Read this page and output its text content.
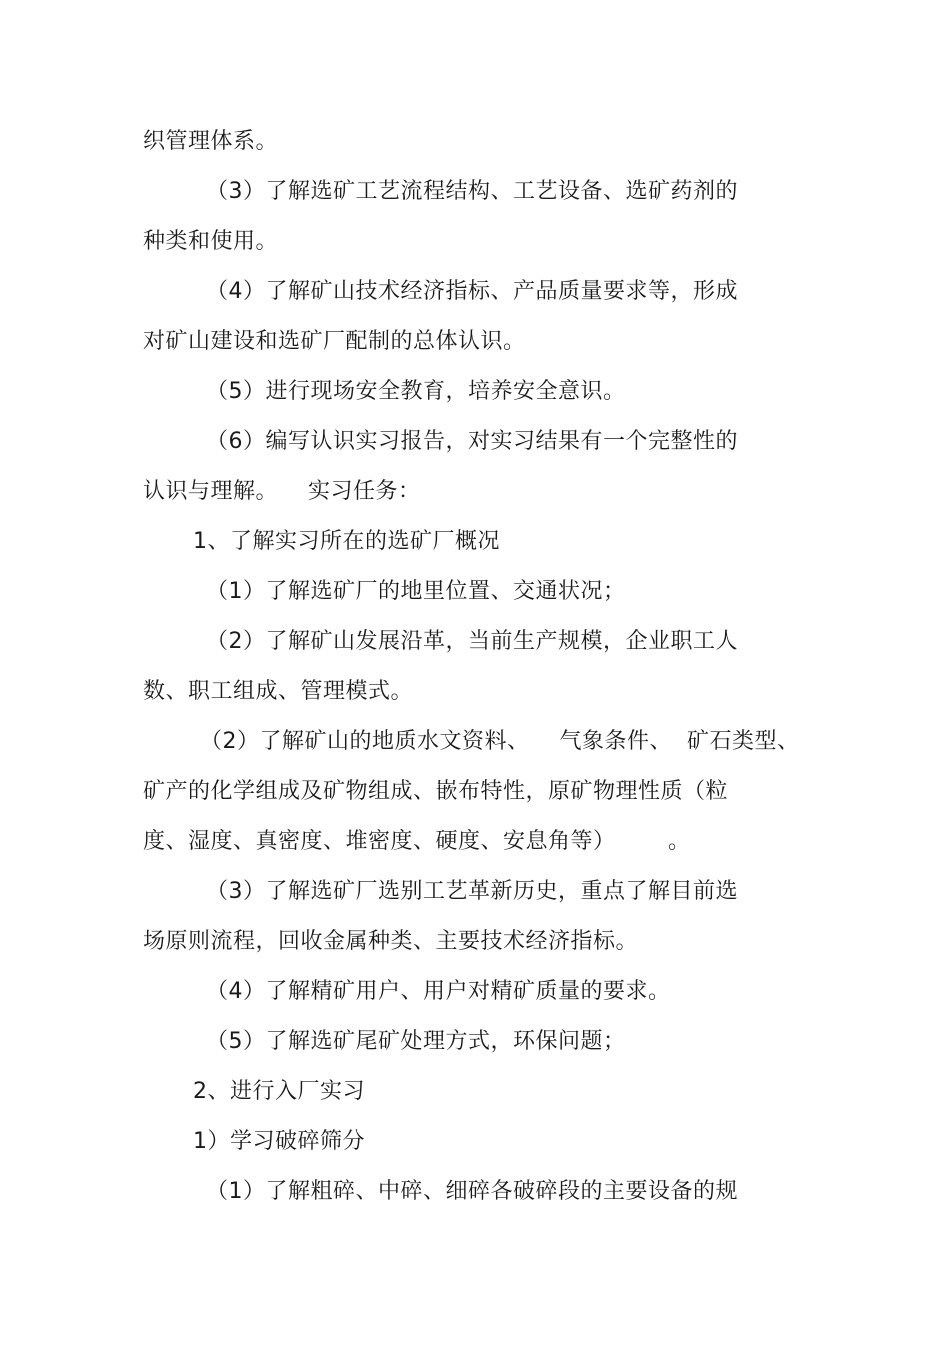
织管理体系。
（3）了解选矿工艺流程结构、工艺设备、选矿药剂的
种类和使用。
（4）了解矿山技术经济指标、产品质量要求等，形成
对矿山建设和选矿厂配制的总体认识。
（5）进行现场安全教育，培养安全意识。
（6）编写认识实习报告，对实习结果有一个完整性的
认识与理解。    实习任务：
1、了解实习所在的选矿厂概况
（1）了解选矿厂的地里位置、交通状况；
（2）了解矿山发展沿革，当前生产规模，企业职工人
数、职工组成、管理模式。
（2）了解矿山的地质水文资料、    气象条件、  矿石类型、
矿产的化学组成及矿物组成、嵌布特性，原矿物理性质（粒
度、湿度、真密度、堆密度、硬度、安息角等）       。
（3）了解选矿厂选别工艺革新历史，重点了解目前选
场原则流程，回收金属种类、主要技术经济指标。
（4）了解精矿用户、用户对精矿质量的要求。
（5）了解选矿尾矿处理方式，环保问题；
2、进行入厂实习
1）学习破碎筛分
（1）了解粗碎、中碎、细碎各破碎段的主要设备的规
